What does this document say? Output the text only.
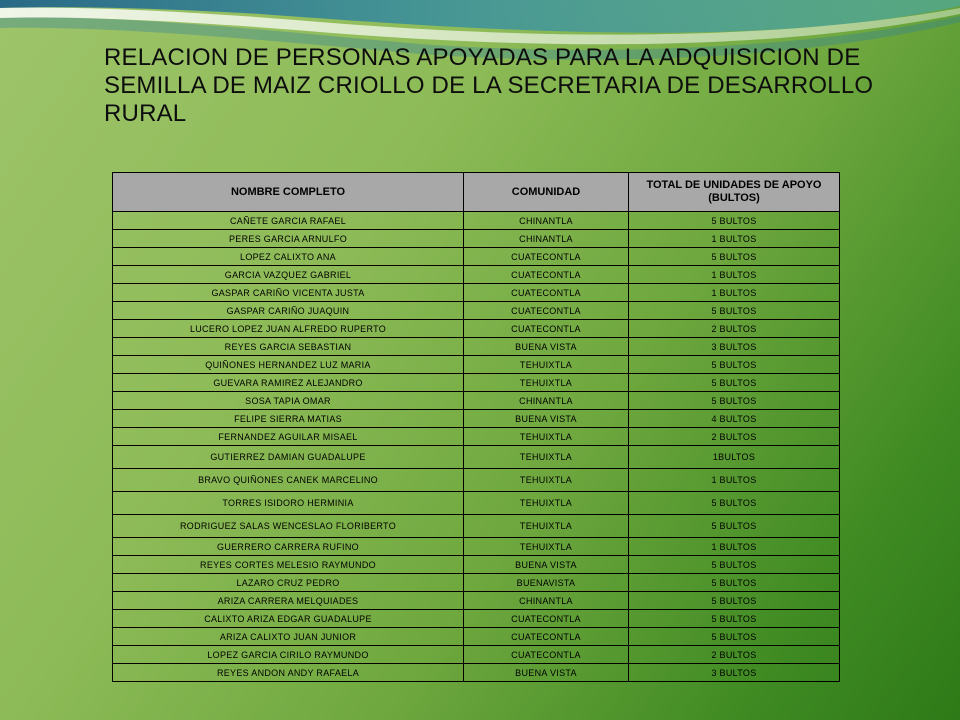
RELACION DE PERSONAS APOYADAS PARA LA ADQUISICION DE SEMILLA DE MAIZ CRIOLLO DE LA SECRETARIA DE DESARROLLO RURAL
NOMBRE COMPLETO	COMUNIDAD	TOTAL DE UNIDADES DE APOYO (BULTOS)
CAÑETE GARCIA RAFAEL	CHINANTLA	5 BULTOS
PERES GARCIA ARNULFO	CHINANTLA	1 BULTOS
LOPEZ CALIXTO ANA	CUATECONTLA	5 BULTOS
GARCIA VAZQUEZ GABRIEL	CUATECONTLA	1 BULTOS
GASPAR CARIÑO VICENTA JUSTA	CUATECONTLA	1 BULTOS
GASPAR CARIÑO JUAQUIN	CUATECONTLA	5 BULTOS
LUCERO LOPEZ JUAN ALFREDO RUPERTO	CUATECONTLA	2 BULTOS
REYES GARCIA SEBASTIAN	BUENA VISTA	3 BULTOS
QUIÑONES HERNANDEZ LUZ MARIA	TEHUIXTLA	5 BULTOS
GUEVARA RAMIREZ ALEJANDRO	TEHUIXTLA	5 BULTOS
SOSA TAPIA OMAR	CHINANTLA	5 BULTOS
FELIPE SIERRA MATIAS	BUENA VISTA	4 BULTOS
FERNANDEZ AGUILAR MISAEL	TEHUIXTLA	2 BULTOS
GUTIERREZ DAMIAN GUADALUPE	TEHUIXTLA	1BULTOS
BRAVO QUIÑONES CANEK MARCELINO	TEHUIXTLA	1 BULTOS
TORRES ISIDORO HERMINIA	TEHUIXTLA	5 BULTOS
RODRIGUEZ SALAS WENCESLAO FLORIBERTO	TEHUIXTLA	5 BULTOS
GUERRERO CARRERA RUFINO	TEHUIXTLA	1 BULTOS
REYES CORTES MELESIO RAYMUNDO	BUENA VISTA	5 BULTOS
LAZARO CRUZ PEDRO	BUENAVISTA	5 BULTOS
ARIZA CARRERA MELQUIADES	CHINANTLA	5 BULTOS
CALIXTO ARIZA EDGAR GUADALUPE	CUATECONTLA	5 BULTOS
ARIZA CALIXTO JUAN JUNIOR	CUATECONTLA	5 BULTOS
LOPEZ GARCIA CIRILO RAYMUNDO	CUATECONTLA	2 BULTOS
REYES ANDON ANDY RAFAELA	BUENA VISTA	3 BULTOS
